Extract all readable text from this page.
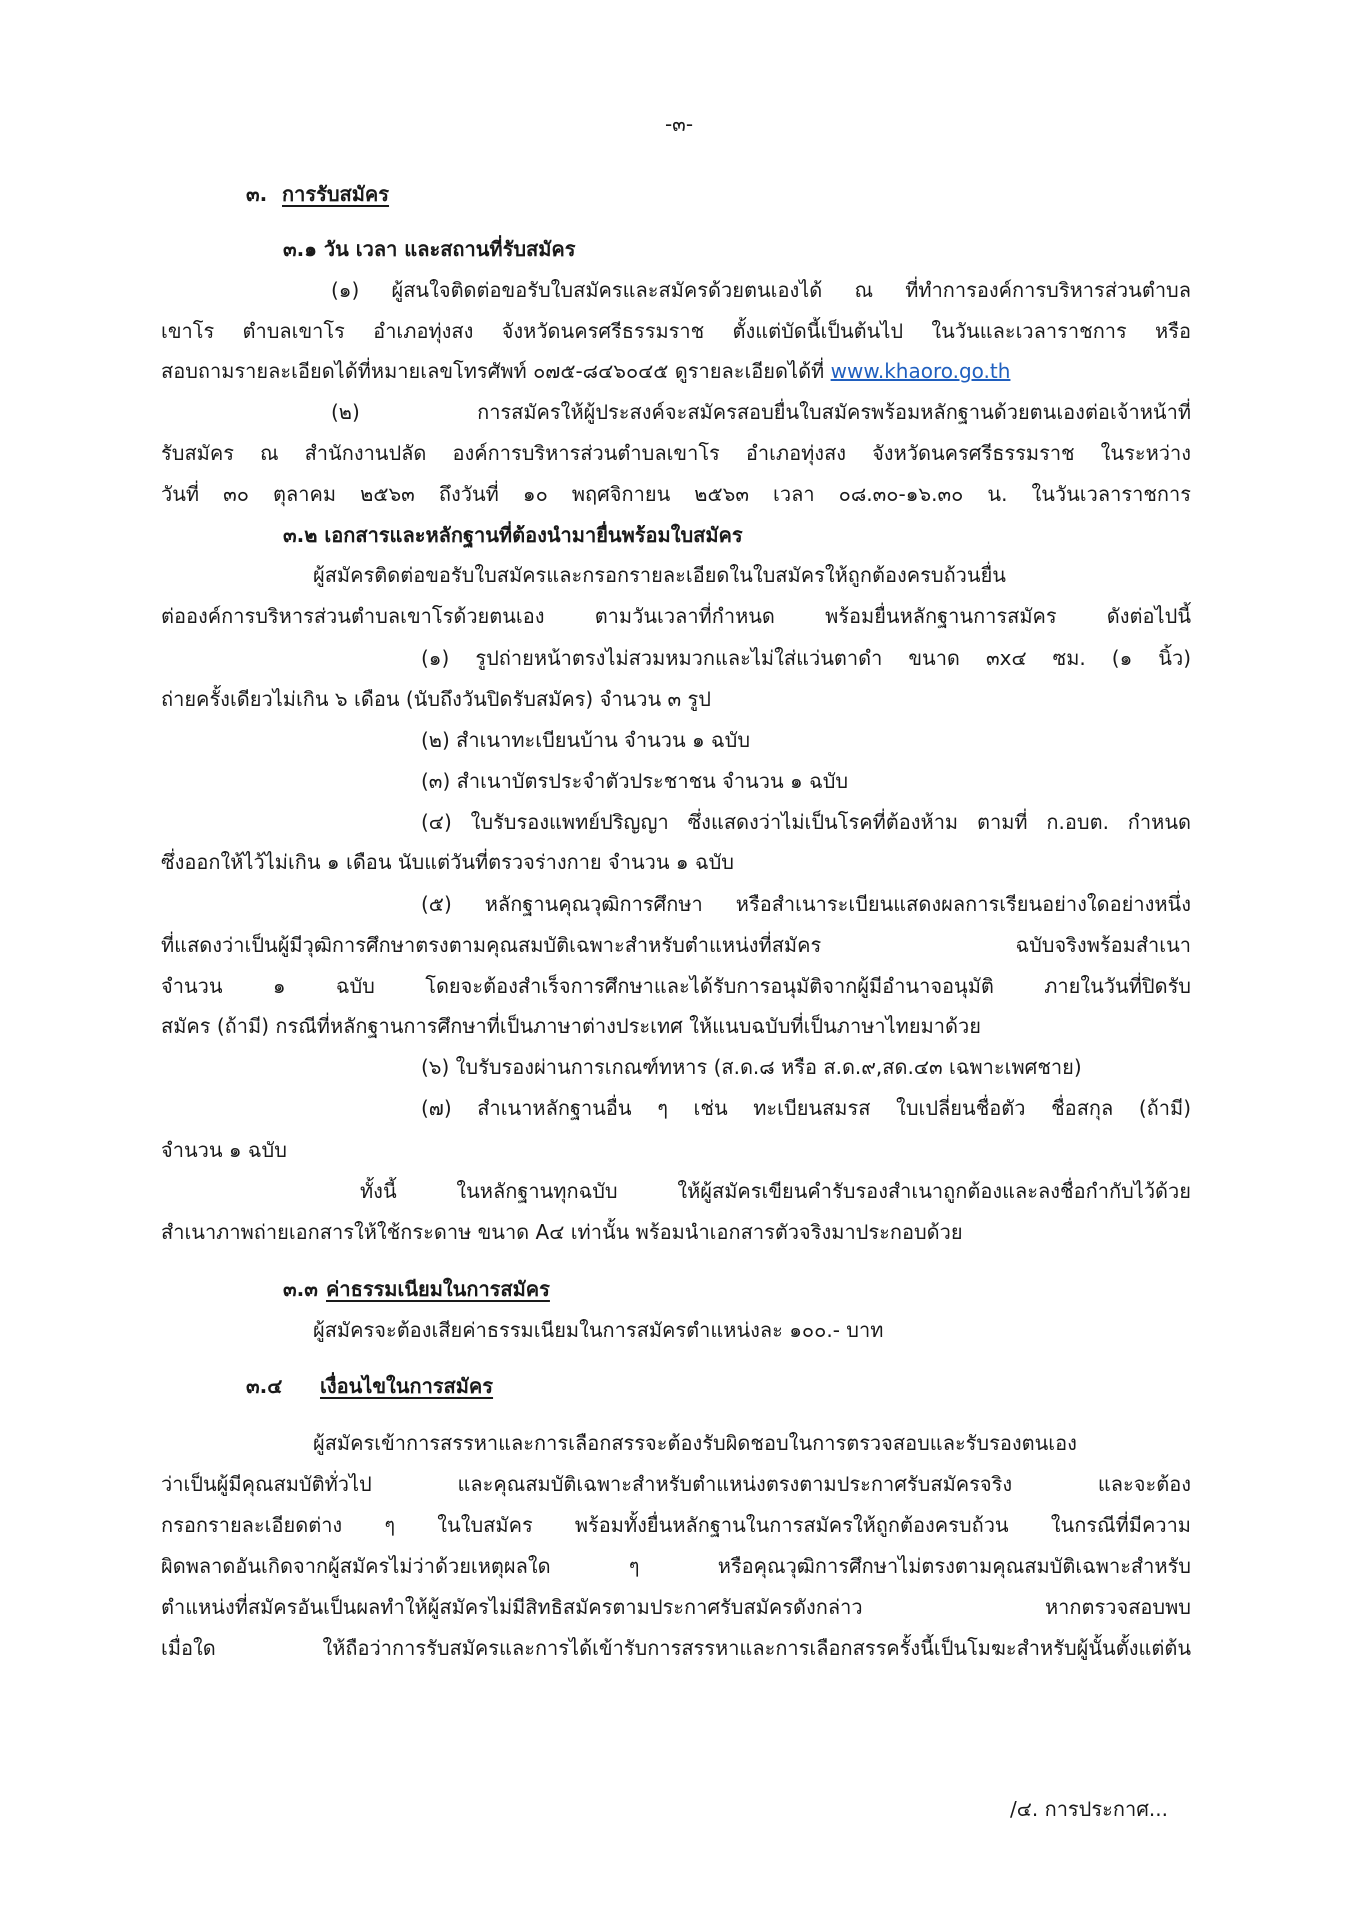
-๓-
๓. การรับสมัคร
๓.๑ วัน เวลา และสถานที่รับสมัคร
(๑) ผู้สนใจติดต่อขอรับใบสมัครและสมัครด้วยตนเองได้ ณ ที่ทำการองค์การบริหารส่วนตำบล
เขาโร ตำบลเขาโร อำเภอทุ่งสง จังหวัดนครศรีธรรมราช ตั้งแต่บัดนี้เป็นต้นไป ในวันและเวลาราชการ หรือ
สอบถามรายละเอียดได้ที่หมายเลขโทรศัพท์ ๐๗๕-๘๔๖๐๔๕ ดูรายละเอียดได้ที่ www.khaoro.go.th
(๒) การสมัครให้ผู้ประสงค์จะสมัครสอบยื่นใบสมัครพร้อมหลักฐานด้วยตนเองต่อเจ้าหน้าที่
รับสมัคร ณ สำนักงานปลัด องค์การบริหารส่วนตำบลเขาโร อำเภอทุ่งสง จังหวัดนครศรีธรรมราช ในระหว่าง
วันที่ ๓๐ ตุลาคม ๒๕๖๓ ถึงวันที่ ๑๐ พฤศจิกายน ๒๕๖๓ เวลา ๐๘.๓๐-๑๖.๓๐ น. ในวันเวลาราชการ
๓.๒ เอกสารและหลักฐานที่ต้องนำมายื่นพร้อมใบสมัคร
ผู้สมัครติดต่อขอรับใบสมัครและกรอกรายละเอียดในใบสมัครให้ถูกต้องครบถ้วนยื่น
ต่อองค์การบริหารส่วนตำบลเขาโรด้วยตนเอง ตามวันเวลาที่กำหนด พร้อมยื่นหลักฐานการสมัคร ดังต่อไปนี้
(๑) รูปถ่ายหน้าตรงไม่สวมหมวกและไม่ใส่แว่นตาดำ ขนาด ๓x๔ ซม. (๑ นิ้ว)
ถ่ายครั้งเดียวไม่เกิน ๖ เดือน (นับถึงวันปิดรับสมัคร) จำนวน ๓ รูป
(๒) สำเนาทะเบียนบ้าน จำนวน ๑ ฉบับ
(๓) สำเนาบัตรประจำตัวประชาชน จำนวน ๑ ฉบับ
(๔) ใบรับรองแพทย์ปริญญา ซึ่งแสดงว่าไม่เป็นโรคที่ต้องห้าม ตามที่ ก.อบต. กำหนด
ซึ่งออกให้ไว้ไม่เกิน ๑ เดือน นับแต่วันที่ตรวจร่างกาย จำนวน ๑ ฉบับ
(๕) หลักฐานคุณวุฒิการศึกษา หรือสำเนาระเบียนแสดงผลการเรียนอย่างใดอย่างหนึ่ง
ที่แสดงว่าเป็นผู้มีวุฒิการศึกษาตรงตามคุณสมบัติเฉพาะสำหรับตำแหน่งที่สมัคร ฉบับจริงพร้อมสำเนา
จำนวน ๑ ฉบับ โดยจะต้องสำเร็จการศึกษาและได้รับการอนุมัติจากผู้มีอำนาจอนุมัติ ภายในวันที่ปิดรับ
สมัคร (ถ้ามี) กรณีที่หลักฐานการศึกษาที่เป็นภาษาต่างประเทศ ให้แนบฉบับที่เป็นภาษาไทยมาด้วย
(๖) ใบรับรองผ่านการเกณฑ์ทหาร (ส.ด.๘ หรือ ส.ด.๙,สด.๔๓ เฉพาะเพศชาย)
(๗) สำเนาหลักฐานอื่น ๆ เช่น ทะเบียนสมรส ใบเปลี่ยนชื่อตัว ชื่อสกุล (ถ้ามี)
จำนวน ๑ ฉบับ
ทั้งนี้ ในหลักฐานทุกฉบับ ให้ผู้สมัครเขียนคำรับรองสำเนาถูกต้องและลงชื่อกำกับไว้ด้วย
สำเนาภาพถ่ายเอกสารให้ใช้กระดาษ ขนาด A๔ เท่านั้น พร้อมนำเอกสารตัวจริงมาประกอบด้วย
๓.๓ ค่าธรรมเนียมในการสมัคร
ผู้สมัครจะต้องเสียค่าธรรมเนียมในการสมัครตำแหน่งละ ๑๐๐.- บาท
๓.๔ เงื่อนไขในการสมัคร
ผู้สมัครเข้าการสรรหาและการเลือกสรรจะต้องรับผิดชอบในการตรวจสอบและรับรองตนเอง
ว่าเป็นผู้มีคุณสมบัติทั่วไป และคุณสมบัติเฉพาะสำหรับตำแหน่งตรงตามประกาศรับสมัครจริง และจะต้อง
กรอกรายละเอียดต่าง ๆ ในใบสมัคร พร้อมทั้งยื่นหลักฐานในการสมัครให้ถูกต้องครบถ้วน ในกรณีที่มีความ
ผิดพลาดอันเกิดจากผู้สมัครไม่ว่าด้วยเหตุผลใด ๆ หรือคุณวุฒิการศึกษาไม่ตรงตามคุณสมบัติเฉพาะสำหรับ
ตำแหน่งที่สมัครอันเป็นผลทำให้ผู้สมัครไม่มีสิทธิสมัครตามประกาศรับสมัครดังกล่าว หากตรวจสอบพบ
เมื่อใด ให้ถือว่าการรับสมัครและการได้เข้ารับการสรรหาและการเลือกสรรครั้งนี้เป็นโมฆะสำหรับผู้นั้นตั้งแต่ต้น
/๔. การประกาศ...
